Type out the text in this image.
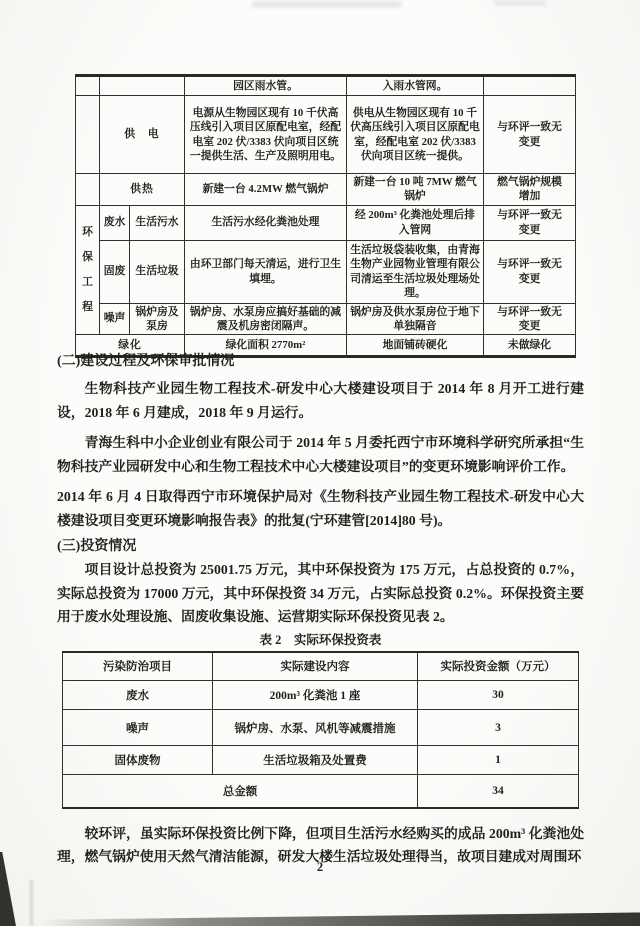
			园区雨水管。	入雨水管网。	
	供　电		电源从生物园区现有 10 千伏高压线引入项目区原配电室，经配电室 202 伏/3383 伏向项目区统一提供生活、生产及照明用电。	供电从生物园区现有 10 千伏高压线引入项目区原配电室，经配电室 202 伏/3383 伏向项目区统一提供。	与环评一致无变更
	供热		新建一台 4.2MW 燃气锅炉	新建一台 10 吨 7MW 燃气锅炉	燃气锅炉规模增加
环保工程	废水	生活污水	生活污水经化粪池处理	经 200m³ 化粪池处理后排入管网	与环评一致无变更
	固废	生活垃圾	由环卫部门每天清运，进行卫生填埋。	生活垃圾袋装收集，由青海生物产业园物业管理有限公司清运至生活垃圾处理场处理。	与环评一致无变更
	噪声	锅炉房及泵房	锅炉房、水泵房应搞好基础的减震及机房密闭隔声。	锅炉房及供水泵房位于地下单独隔音	与环评一致无变更
绿化			绿化面积 2770m²	地面铺砖硬化	未做绿化
(二)建设过程及环保审批情况

生物科技产业园生物工程技术-研发中心大楼建设项目于 2014 年 8 月开工进行建设，2018 年 6 月建成，2018 年 9 月运行。

青海生科中小企业创业有限公司于 2014 年 5 月委托西宁市环境科学研究所承担“生物科技产业园研发中心和生物工程技术中心大楼建设项目”的变更环境影响评价工作。

2014 年 6 月 4 日取得西宁市环境保护局对《生物科技产业园生物工程技术-研发中心大楼建设项目变更环境影响报告表》的批复(宁环建管[2014]80 号)。

(三)投资情况

项目设计总投资为 25001.75 万元，其中环保投资为 175 万元，占总投资的 0.7%，实际总投资为 17000 万元，其中环保投资 34 万元，占实际总投资 0.2%。环保投资主要用于废水处理设施、固废收集设施、运营期实际环保投资见表 2。

表 2　实际环保投资表
污染防治项目	实际建设内容	实际投资金额（万元）
废水	200m³ 化粪池 1 座	30
噪声	锅炉房、水泵、风机等减震措施	3
固体废物	生活垃圾箱及处置费	1
总金额		34

较环评，虽实际环保投资比例下降，但项目生活污水经购买的成品 200m³ 化粪池处理，燃气锅炉使用天然气清洁能源，研发大楼生活垃圾处理得当，故项目建成对周围环

2
